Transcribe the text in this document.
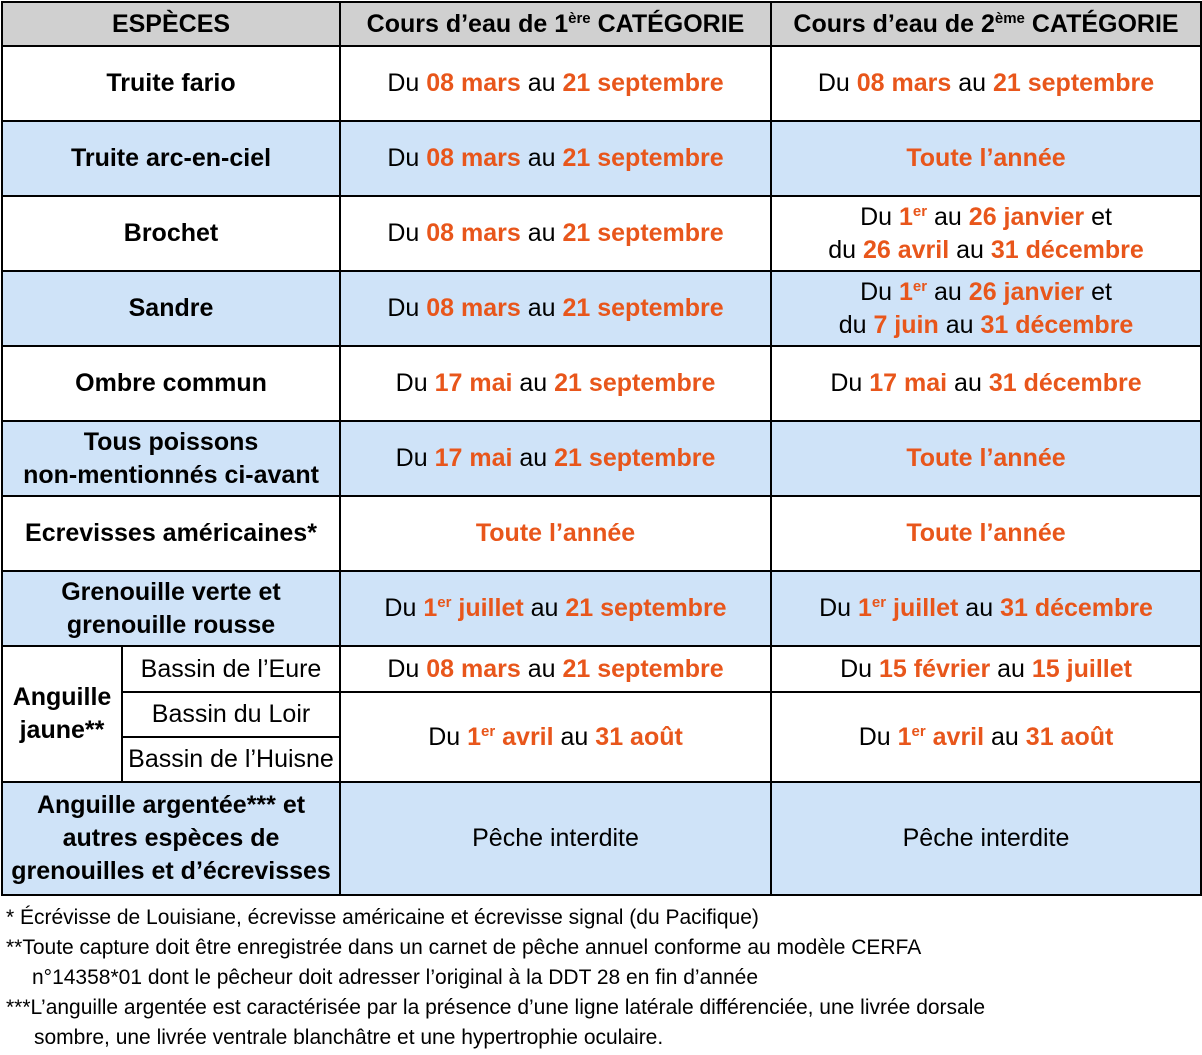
ESPÈCES		Cours d’eau de 1ère CATÉGORIE	Cours d’eau de 2ème CATÉGORIE
Truite fario		Du 08 mars au 21 septembre	Du 08 mars au 21 septembre
Truite arc-en-ciel		Du 08 mars au 21 septembre	Toute l’année
Brochet		Du 08 mars au 21 septembre	Du 1er au 26 janvier et
du 26 avril au 31 décembre

Sandre		Du 08 mars au 21 septembre	Du 1er au 26 janvier et
du 7 juin au 31 décembre

Ombre commun		Du 17 mai au 21 septembre	Du 17 mai au 31 décembre

Tous poissons
non-mentionnés ci-avant		Du 17 mai au 21 septembre	Toute l’année
Ecrevisses américaines*		Toute l’année	Toute l’année

Grenouille verte et
grenouille rousse		Du 1er juillet au 21 septembre	Du 1er juillet au 31 décembre

Anguille
jaune**	Bassin de l’Eure	Du 08 mars au 21 septembre	Du 15 février au 15 juillet
	Bassin du Loir	Du 1er avril au 31 août	Du 1er avril au 31 août
	Bassin de l’Huisne		

Anguille argentée*** et
autres espèces de
grenouilles et d’écrevisses		Pêche interdite	Pêche interdite
* Écrévisse de Louisiane, écrevisse américaine et écrevisse signal (du Pacifique)
**Toute capture doit être enregistrée dans un carnet de pêche annuel conforme au modèle CERFA
n°14358*01 dont le pêcheur doit adresser l’original à la DDT 28 en fin d’année
***L’anguille argentée est caractérisée par la présence d’une ligne latérale différenciée, une livrée dorsale
sombre, une livrée ventrale blanchâtre et une hypertrophie oculaire.
